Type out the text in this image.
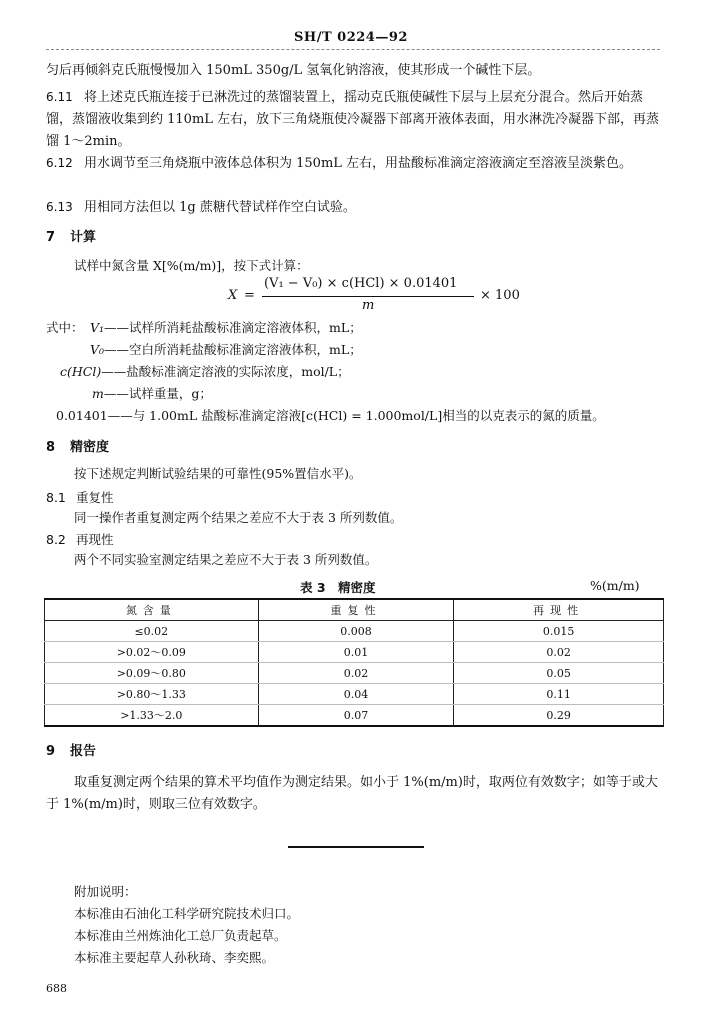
SH/T 0224—92
匀后再倾斜克氏瓶慢慢加入 150mL 350g/L 氢氧化钠溶液，使其形成一个碱性下层。
6.11 将上述克氏瓶连接于已淋洗过的蒸馏装置上，摇动克氏瓶使碱性下层与上层充分混合。然后开始蒸馏，蒸馏液收集到约 110mL 左右，放下三角烧瓶使冷凝器下部离开液体表面，用水淋洗冷凝器下部，再蒸馏 1～2min。
6.12 用水调节至三角烧瓶中液体总体积为 150mL 左右，用盐酸标准滴定溶液滴定至溶液呈淡紫色。
6.13 用相同方法但以 1g 蔗糖代替试样作空白试验。
7 计算
试样中氮含量 X[%(m/m)]，按下式计算：
X =
(V₁ − V₀) × c(HCl) × 0.01401
m
× 100
式中： V₁——试样所消耗盐酸标准滴定溶液体积，mL；
V₀——空白所消耗盐酸标准滴定溶液体积，mL；
c(HCl)——盐酸标准滴定溶液的实际浓度，mol/L；
m——试样重量，g；
0.01401——与 1.00mL 盐酸标准滴定溶液[c(HCl) = 1.000mol/L]相当的以克表示的氮的质量。
8 精密度
按下述规定判断试验结果的可靠性(95%置信水平)。
8.1 重复性
同一操作者重复测定两个结果之差应不大于表 3 所列数值。
8.2 再现性
两个不同实验室测定结果之差应不大于表 3 所列数值。
表 3　精密度	%(m/m)
氮含量	重复性	再现性
≤0.02	0.008	0.015
>0.02～0.09	0.01	0.02
>0.09～0.80	0.02	0.05
>0.80～1.33	0.04	0.11
>1.33～2.0	0.07	0.29
9 报告
取重复测定两个结果的算术平均值作为测定结果。如小于 1%(m/m)时，取两位有效数字；如等于或大于 1%(m/m)时，则取三位有效数字。
附加说明：
本标准由石油化工科学研究院技术归口。
本标准由兰州炼油化工总厂负责起草。
本标准主要起草人孙秋琦、李奕熙。
688
